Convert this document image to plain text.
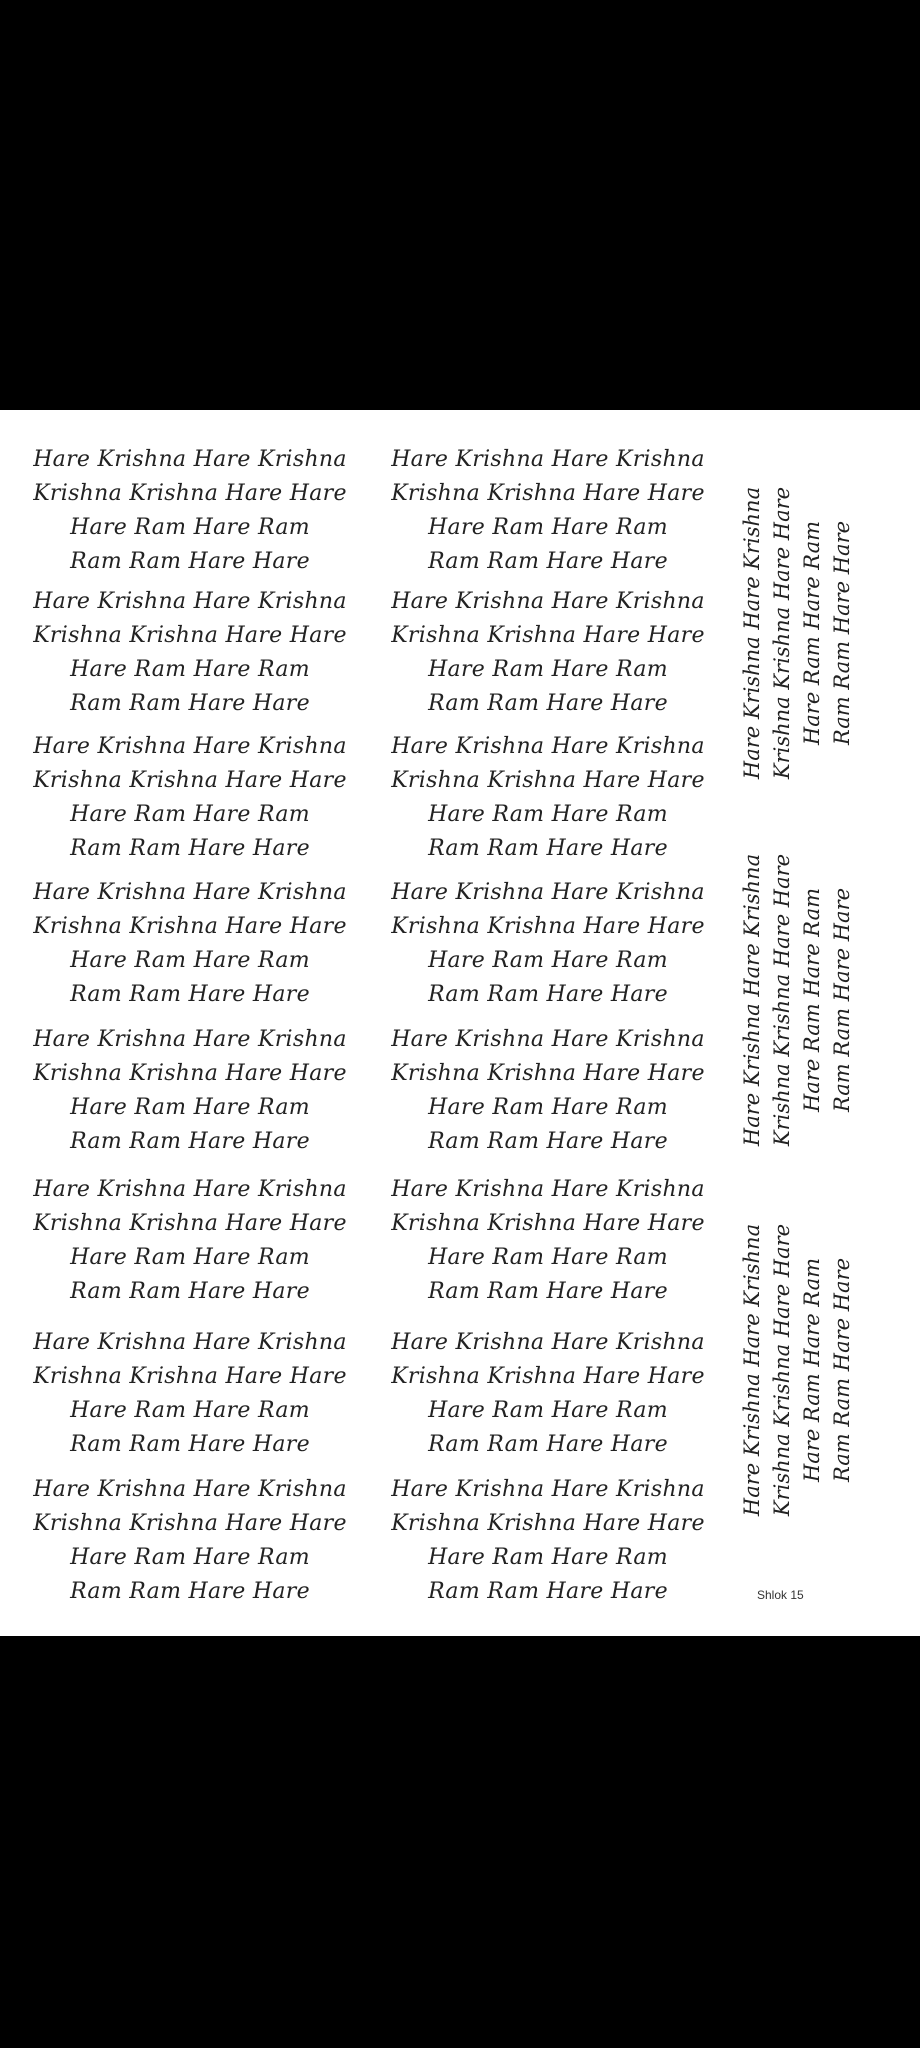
Hare Krishna Hare Krishna
Krishna Krishna Hare Hare
Hare Ram Hare Ram
Ram Ram Hare Hare
Hare Krishna Hare Krishna
Krishna Krishna Hare Hare
Hare Ram Hare Ram
Ram Ram Hare Hare
Hare Krishna Hare Krishna
Krishna Krishna Hare Hare
Hare Ram Hare Ram
Ram Ram Hare Hare
Hare Krishna Hare Krishna
Krishna Krishna Hare Hare
Hare Ram Hare Ram
Ram Ram Hare Hare
Hare Krishna Hare Krishna
Krishna Krishna Hare Hare
Hare Ram Hare Ram
Ram Ram Hare Hare
Hare Krishna Hare Krishna
Krishna Krishna Hare Hare
Hare Ram Hare Ram
Ram Ram Hare Hare
Hare Krishna Hare Krishna
Krishna Krishna Hare Hare
Hare Ram Hare Ram
Ram Ram Hare Hare
Hare Krishna Hare Krishna
Krishna Krishna Hare Hare
Hare Ram Hare Ram
Ram Ram Hare Hare
Hare Krishna Hare Krishna
Krishna Krishna Hare Hare
Hare Ram Hare Ram
Ram Ram Hare Hare
Hare Krishna Hare Krishna
Krishna Krishna Hare Hare
Hare Ram Hare Ram
Ram Ram Hare Hare
Hare Krishna Hare Krishna
Krishna Krishna Hare Hare
Hare Ram Hare Ram
Ram Ram Hare Hare
Hare Krishna Hare Krishna
Krishna Krishna Hare Hare
Hare Ram Hare Ram
Ram Ram Hare Hare
Hare Krishna Hare Krishna
Krishna Krishna Hare Hare
Hare Ram Hare Ram
Ram Ram Hare Hare
Hare Krishna Hare Krishna
Krishna Krishna Hare Hare
Hare Ram Hare Ram
Ram Ram Hare Hare
Hare Krishna Hare Krishna
Krishna Krishna Hare Hare
Hare Ram Hare Ram
Ram Ram Hare Hare
Hare Krishna Hare Krishna
Krishna Krishna Hare Hare
Hare Ram Hare Ram
Ram Ram Hare Hare
Hare Krishna Hare Krishna Krishna Krishna Hare Hare Hare Ram Hare Ram Ram Ram Hare Hare
Hare Krishna Hare Krishna Krishna Krishna Hare Hare Hare Ram Hare Ram Ram Ram Hare Hare
Hare Krishna Hare Krishna Krishna Krishna Hare Hare Hare Ram Hare Ram Ram Ram Hare Hare
Shlok 15
